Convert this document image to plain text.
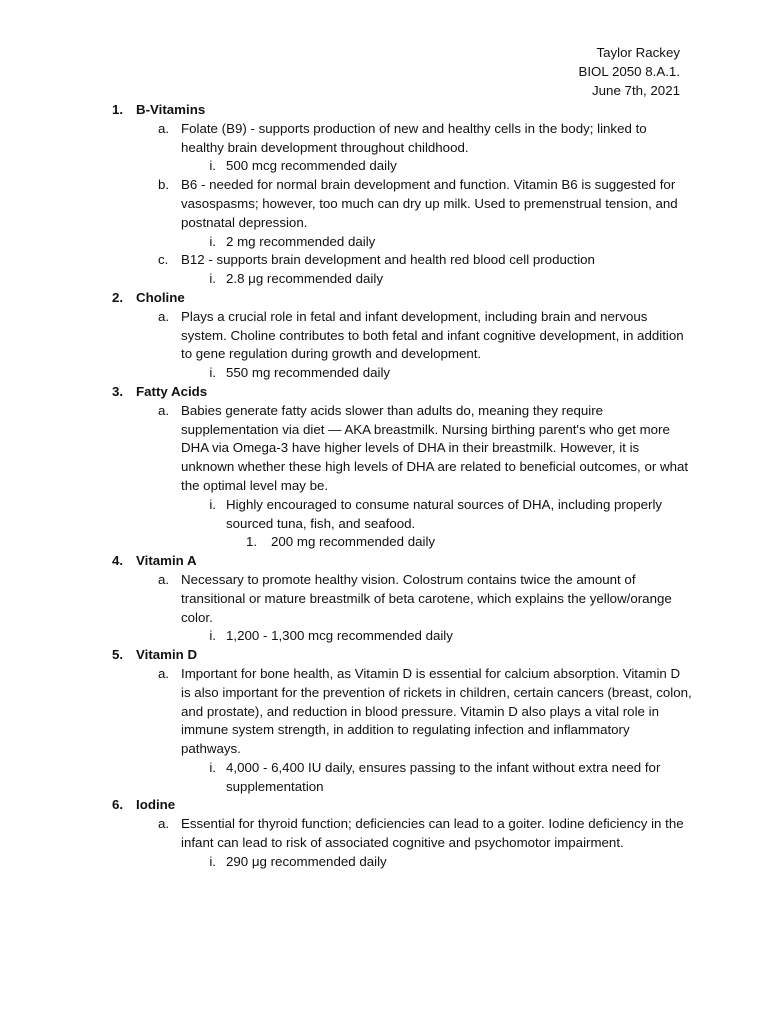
Taylor Rackey
BIOL 2050 8.A.1.
June 7th, 2021
1. B-Vitamins
a. Folate (B9) - supports production of new and healthy cells in the body; linked to healthy brain development throughout childhood.
i. 500 mcg recommended daily
b. B6 - needed for normal brain development and function. Vitamin B6 is suggested for vasospasms; however, too much can dry up milk. Used to premenstrual tension, and postnatal depression.
i. 2 mg recommended daily
c. B12 - supports brain development and health red blood cell production
i. 2.8 μg recommended daily
2. Choline
a. Plays a crucial role in fetal and infant development, including brain and nervous system. Choline contributes to both fetal and infant cognitive development, in addition to gene regulation during growth and development.
i. 550 mg recommended daily
3. Fatty Acids
a. Babies generate fatty acids slower than adults do, meaning they require supplementation via diet — AKA breastmilk. Nursing birthing parent's who get more DHA via Omega-3 have higher levels of DHA in their breastmilk. However, it is unknown whether these high levels of DHA are related to beneficial outcomes, or what the optimal level may be.
i. Highly encouraged to consume natural sources of DHA, including properly sourced tuna, fish, and seafood.
1.	200 mg recommended daily
4. Vitamin A
a. Necessary to promote healthy vision. Colostrum contains twice the amount of transitional or mature breastmilk of beta carotene, which explains the yellow/orange color.
i. 1,200 - 1,300 mcg recommended daily
5. Vitamin D
a. Important for bone health, as Vitamin D is essential for calcium absorption. Vitamin D is also important for the prevention of rickets in children, certain cancers (breast, colon, and prostate), and reduction in blood pressure. Vitamin D also plays a vital role in immune system strength, in addition to regulating infection and inflammatory pathways.
i. 4,000 - 6,400 IU daily, ensures passing to the infant without extra need for supplementation
6. Iodine
a. Essential for thyroid function; deficiencies can lead to a goiter. Iodine deficiency in the infant can lead to risk of associated cognitive and psychomotor impairment.
i. 290 μg recommended daily
